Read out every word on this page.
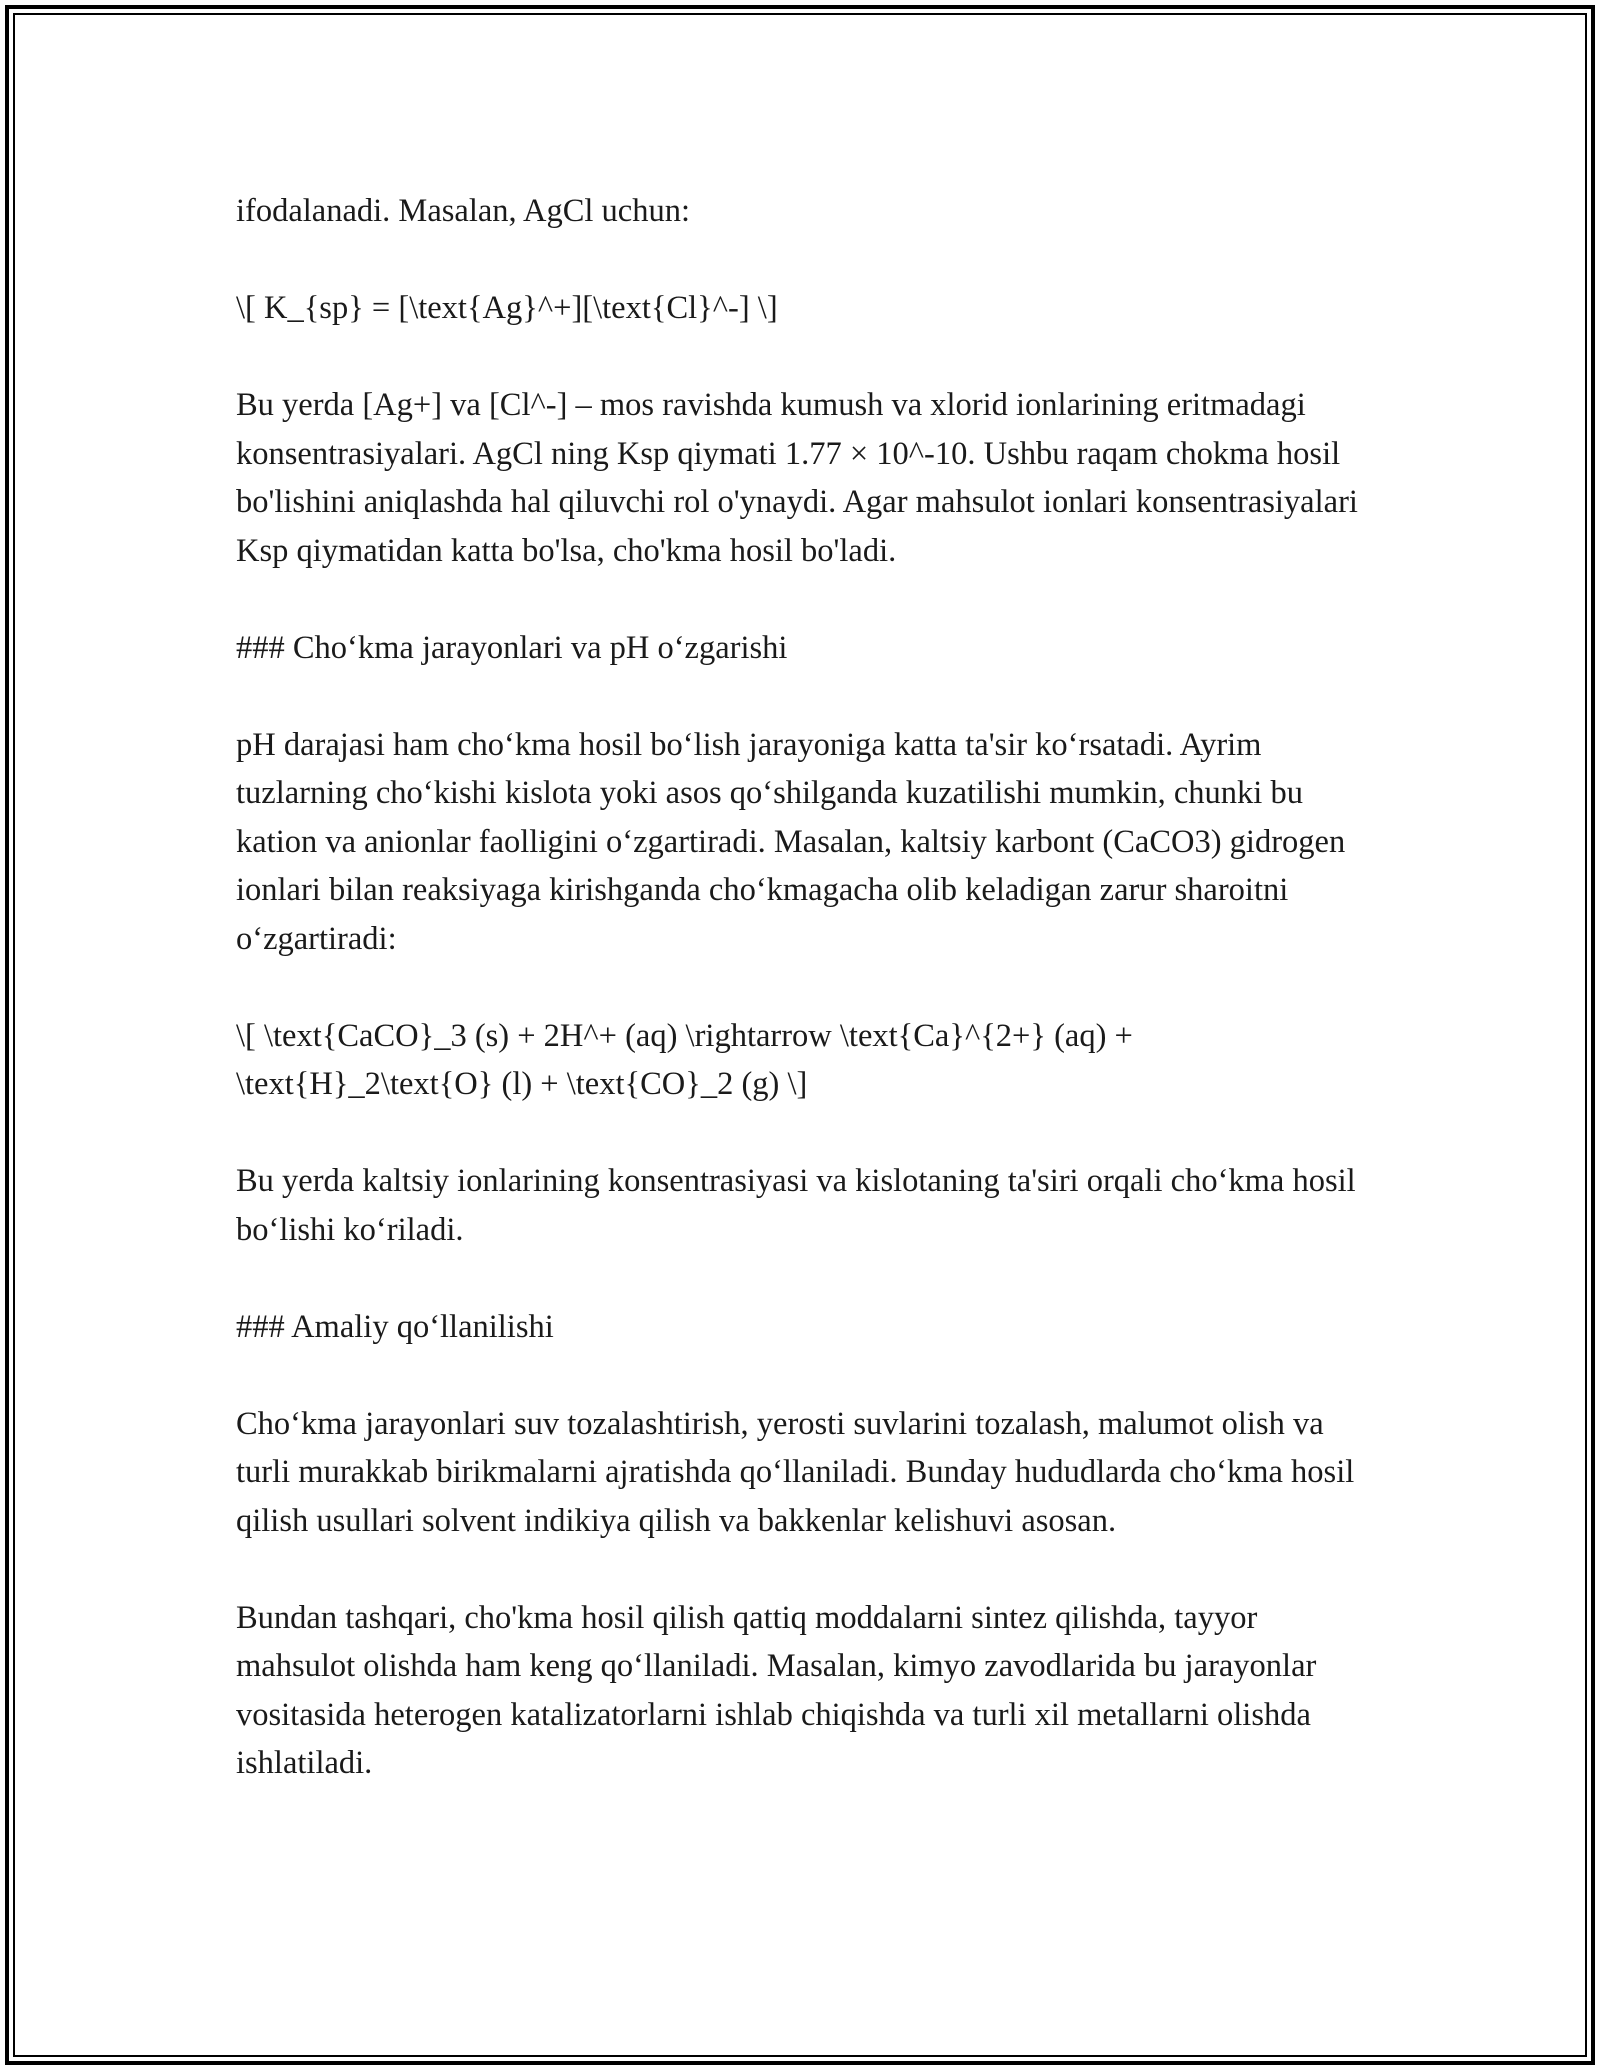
ifodalanadi. Masalan, AgCl uchun:

\[ K_{sp} = [\text{Ag}^+][\text{Cl}^-] \]

Bu yerda [Ag+] va [Cl^-] – mos ravishda kumush va xlorid ionlarining eritmadagi konsentrasiyalari. AgCl ning Ksp qiymati 1.77 × 10^-10. Ushbu raqam chokma hosil bo'lishini aniqlashda hal qiluvchi rol o'ynaydi. Agar mahsulot ionlari konsentrasiyalari Ksp qiymatidan katta bo'lsa, cho'kma hosil bo'ladi.

### Cho‘kma jarayonlari va pH o‘zgarishi

pH darajasi ham cho‘kma hosil bo‘lish jarayoniga katta ta'sir ko‘rsatadi. Ayrim tuzlarning cho‘kishi kislota yoki asos qo‘shilganda kuzatilishi mumkin, chunki bu kation va anionlar faolligini o‘zgartiradi. Masalan, kaltsiy karbont (CaCO3) gidrogen ionlari bilan reaksiyaga kirishganda cho‘kmagacha olib keladigan zarur sharoitni o‘zgartiradi:

\[ \text{CaCO}_3 (s) + 2H^+ (aq) \rightarrow \text{Ca}^{2+} (aq) + \text{H}_2\text{O} (l) + \text{CO}_2 (g) \]

Bu yerda kaltsiy ionlarining konsentrasiyasi va kislotaning ta'siri orqali cho‘kma hosil bo‘lishi ko‘riladi.

### Amaliy qo‘llanilishi

Cho‘kma jarayonlari suv tozalashtirish, yerosti suvlarini tozalash, malumot olish va turli murakkab birikmalarni ajratishda qo‘llaniladi. Bunday hududlarda cho‘kma hosil qilish usullari solvent indikiya qilish va bakkenlar kelishuvi asosan.

Bundan tashqari, cho'kma hosil qilish qattiq moddalarni sintez qilishda, tayyor mahsulot olishda ham keng qo‘llaniladi. Masalan, kimyo zavodlarida bu jarayonlar vositasida heterogen katalizatorlarni ishlab chiqishda va turli xil metallarni olishda ishlatiladi.
